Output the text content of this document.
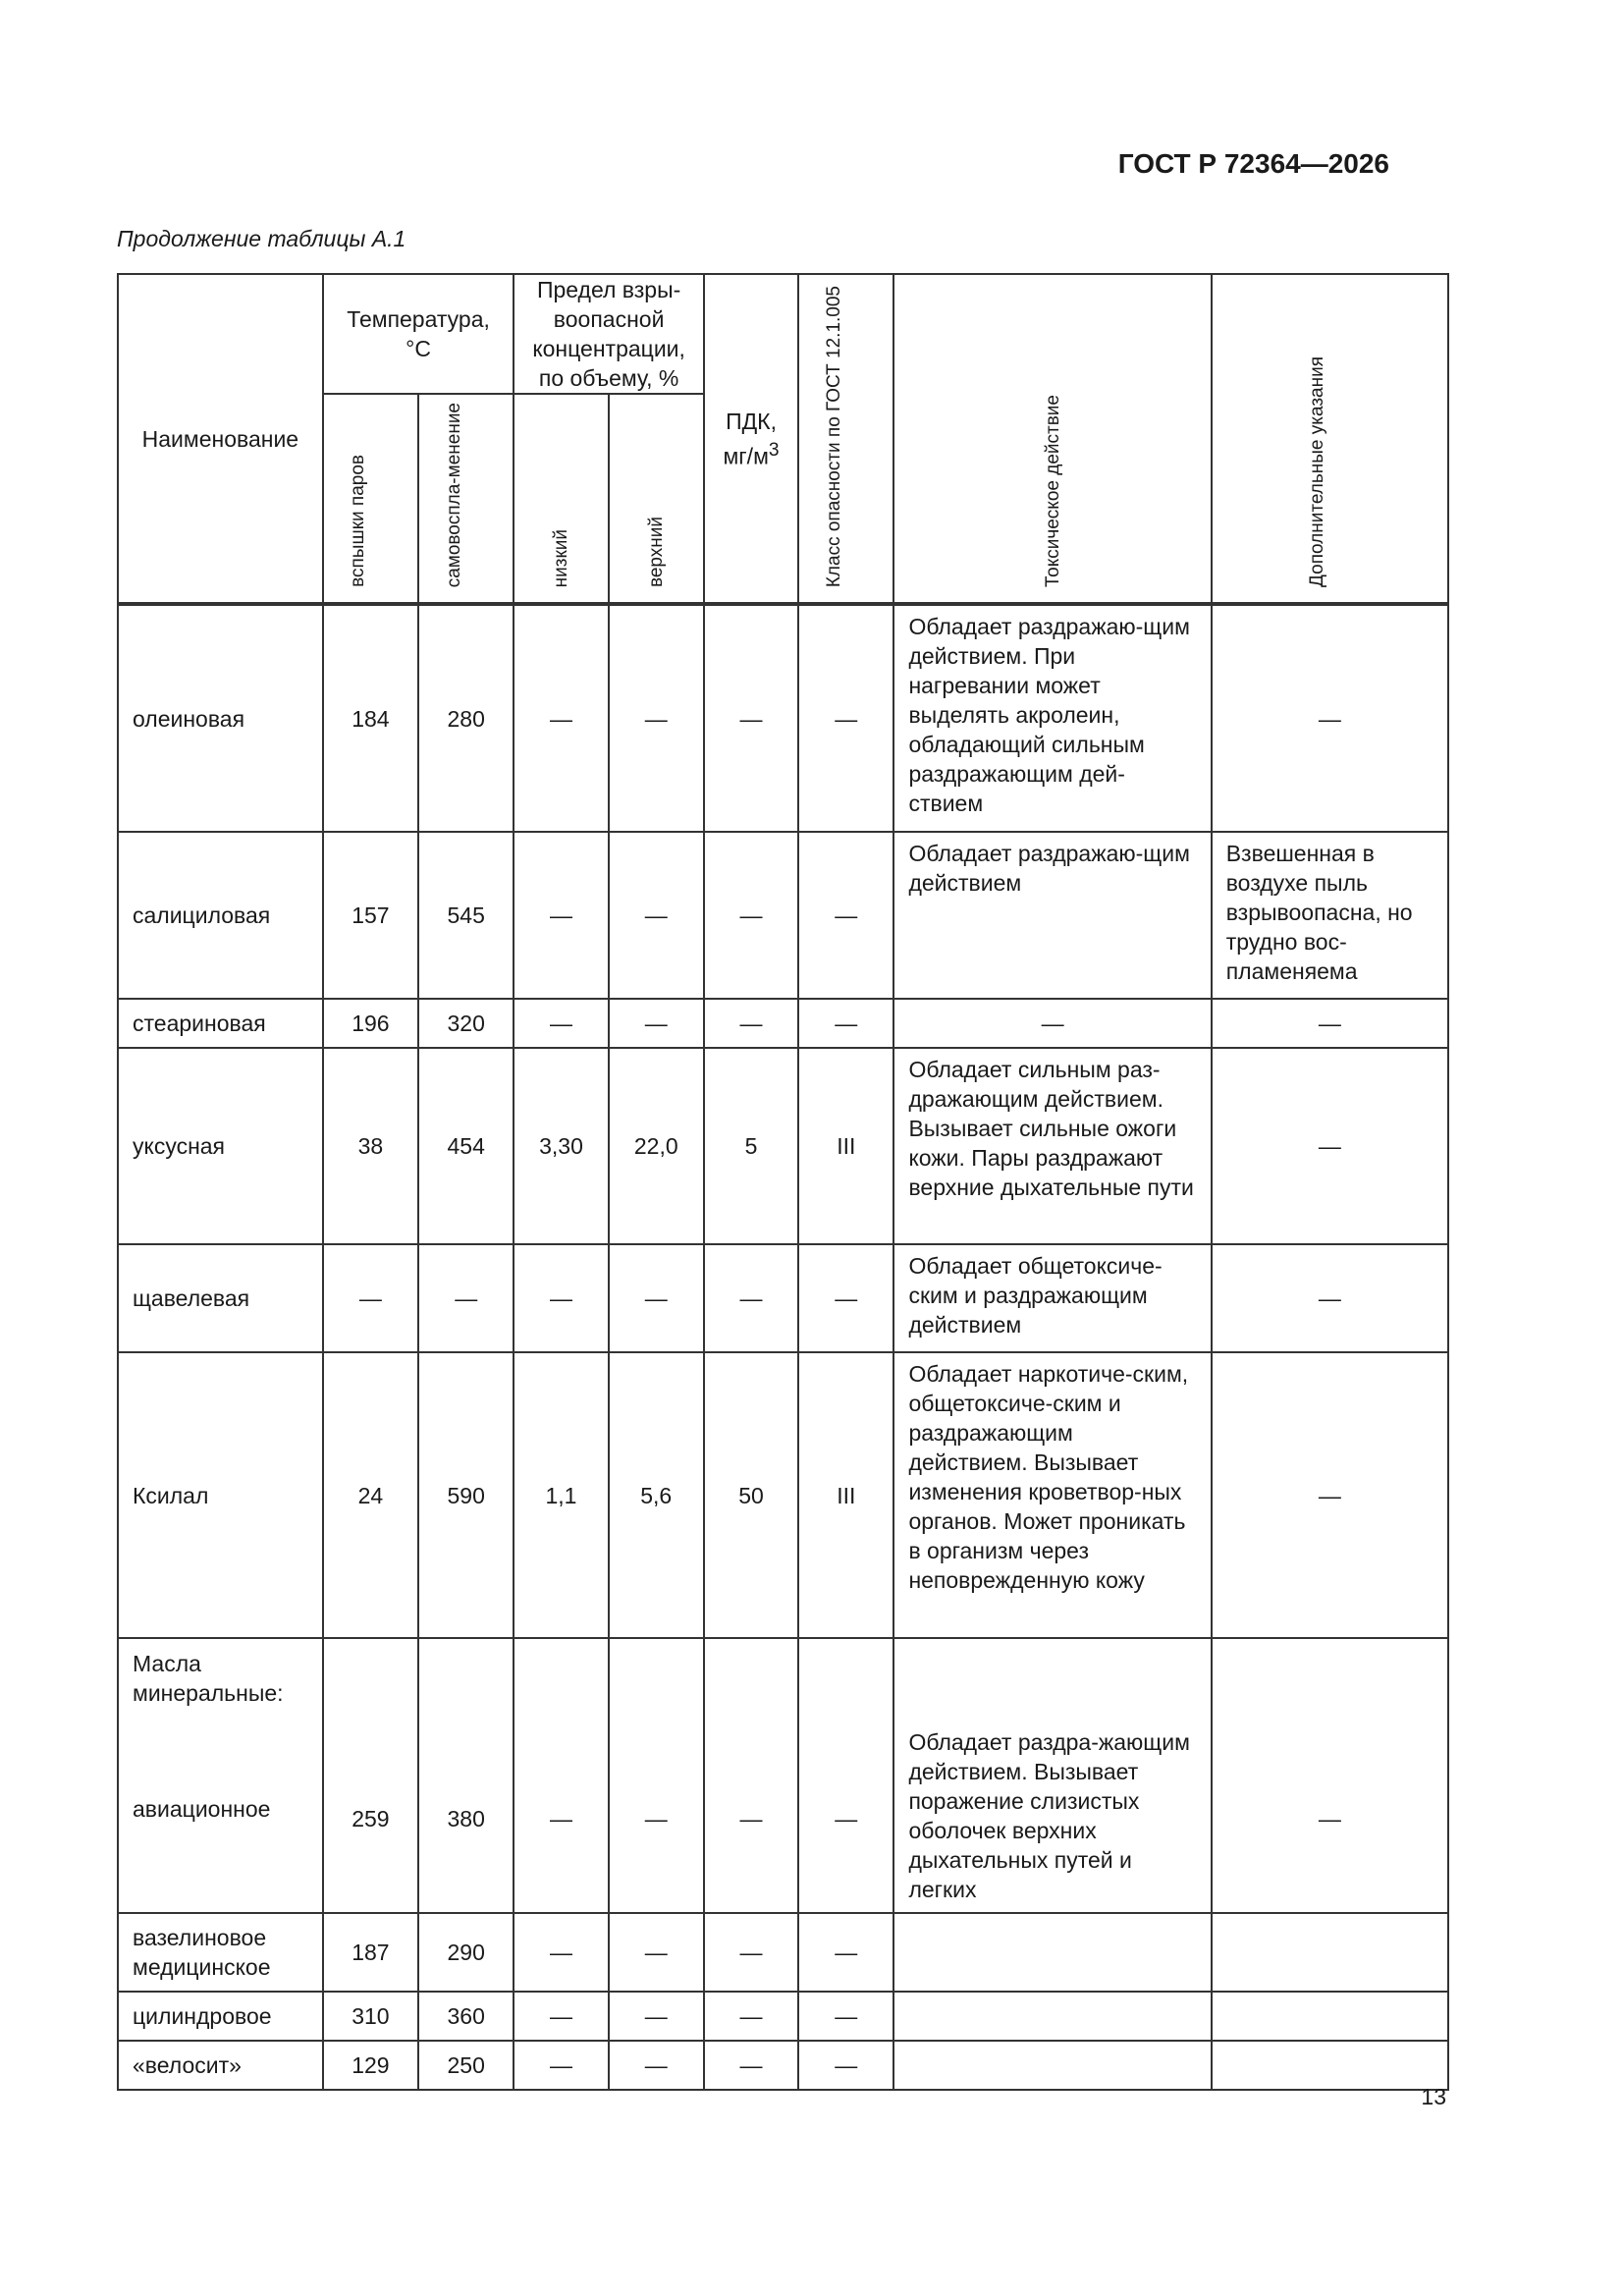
ГОСТ Р 72364—2026
Продолжение таблицы А.1
Наименование	Температура, °С		Предел взры-воопасной концентрации, по объему, %		ПДК, $мг/м^3$	Класс опасности по ГОСТ 12.1.005	Токсическое действие	Дополнительные указания
	вспышки паров	самовоспла-менение	низкий	верхний				

олеиновая	184	280	—	—	—	—	Обладает раздражаю-щим действием. При нагревании может выделять акролеин, обладающий сильным раздражающим дей-ствием	—
салициловая	157	545	—	—	—	—	Обладает раздражаю-щим действием	Взвешенная в воздухе пыль взрывоопасна, но трудно вос-пламеняема
стеариновая	196	320	—	—	—	—	—	—
уксусная	38	454	3,30	22,0	5	III	Обладает сильным раз-дражающим действием. Вызывает сильные ожоги кожи. Пары раздражают верхние дыхательные пути	—
щавелевая	—	—	—	—	—	—	Обладает общетоксиче-ским и раздражающим действием	—
Ксилал	24	590	1,1	5,6	50	III	Обладает наркотиче-ским, общетоксиче-ским и раздражающим действием. Вызывает изменения кроветвор-ных органов. Может проникать в организм через неповрежденную кожу	—

Масла минеральные:
авиационное	259	380	—	—	—	—	Обладает раздра-жающим действием. Вызывает поражение слизистых оболочек верхних дыхательных путей и легких	—
вазелиновое медицинское	187	290	—	—	—	—		
цилиндровое	310	360	—	—	—	—		
«велосит»	129	250	—	—	—	—		
13
